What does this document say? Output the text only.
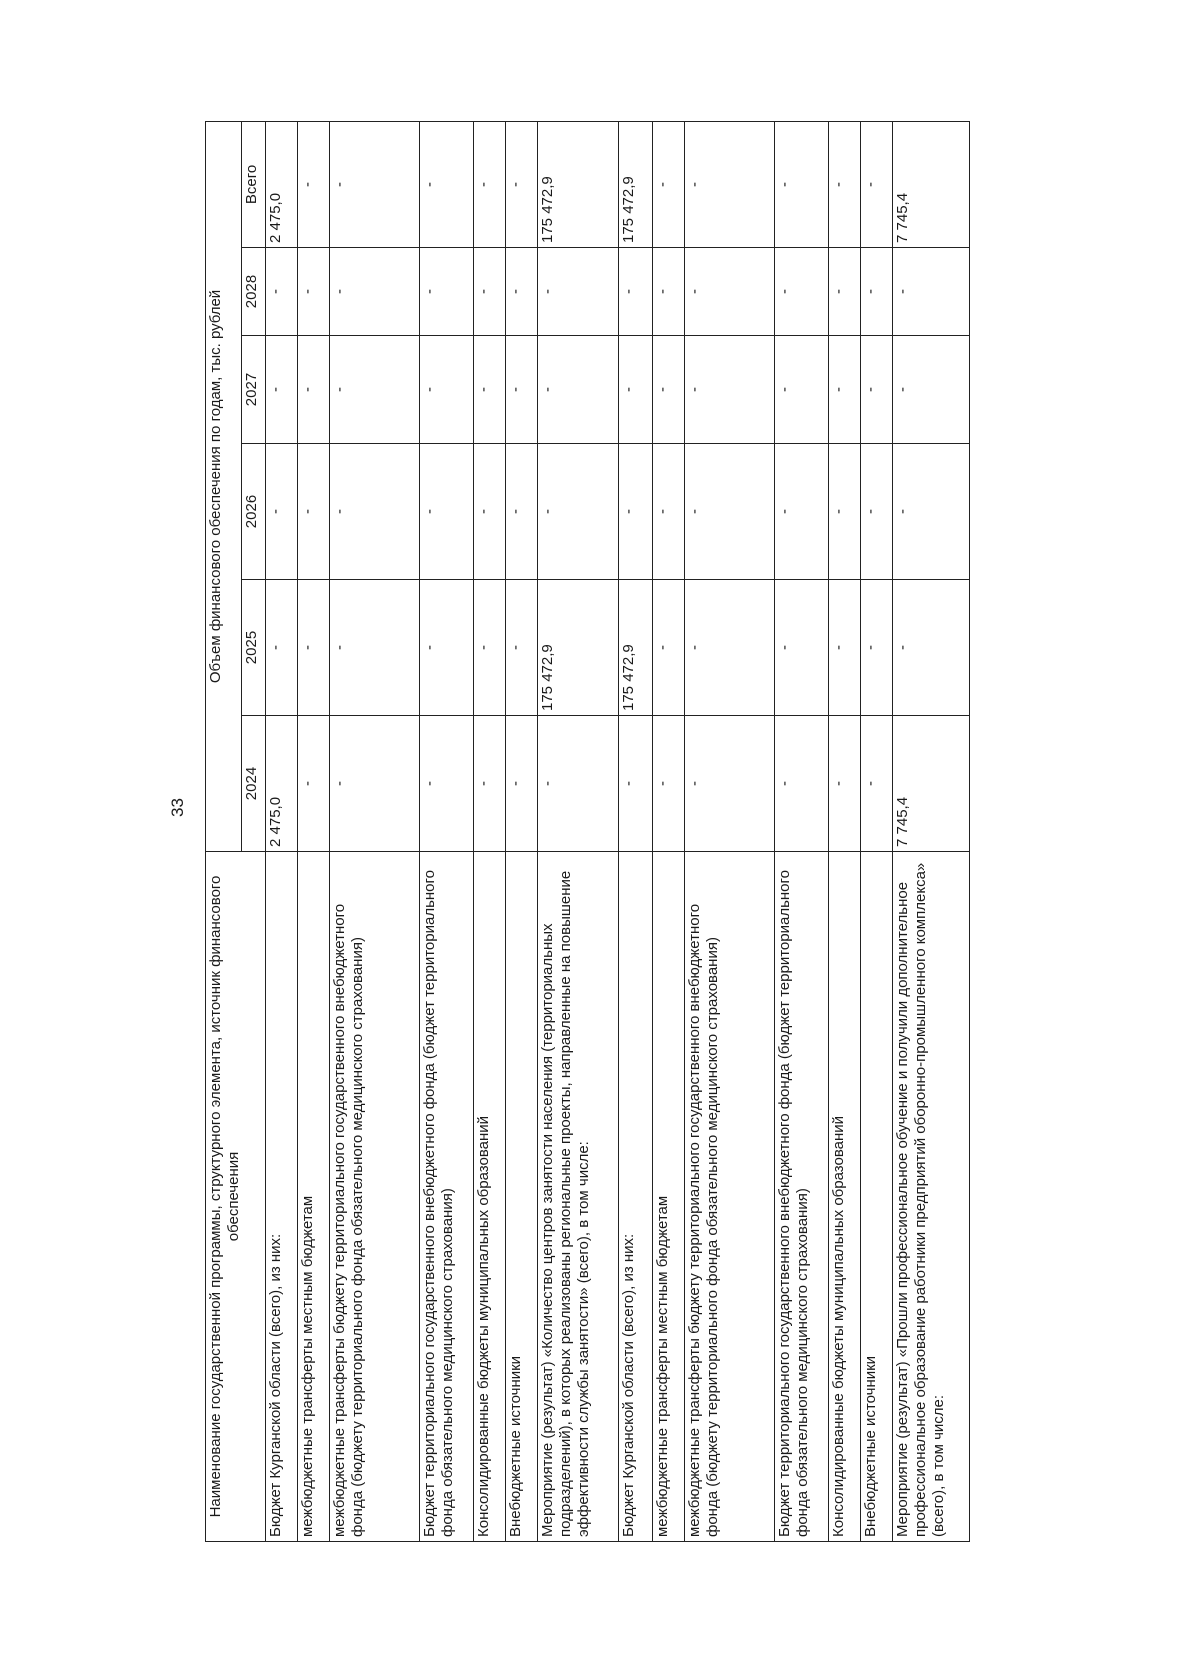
33
Наименование государственной программы, структурного элемента, источник финансового обеспечения	Объем финансового обеспечения по годам, тыс. рублей					
	2024	2025	2026	2027	2028	Всего
Бюджет Курганской области (всего), из них:	2 475,0	-	-	-	-	2 475,0
межбюджетные трансферты местным бюджетам	-	-	-	-	-	-
межбюджетные трансферты бюджету территориального государственного внебюджетного фонда (бюджету территориального фонда обязательного медицинского страхования)	-	-	-	-	-	-
Бюджет территориального государственного внебюджетного фонда (бюджет территориального фонда обязательного медицинского страхования)	-	-	-	-	-	-
Консолидированные бюджеты муниципальных образований	-	-	-	-	-	-
Внебюджетные источники	-	-	-	-	-	-
Мероприятие (результат) «Количество центров занятости населения (территориальных подразделений), в которых реализованы региональные проекты, направленные на повышение эффективности службы занятости» (всего), в том числе:	-	175 472,9	-	-	-	175 472,9
Бюджет Курганской области (всего), из них:	-	175 472,9	-	-	-	175 472,9
межбюджетные трансферты местным бюджетам	-	-	-	-	-	-
межбюджетные трансферты бюджету территориального государственного внебюджетного фонда (бюджету территориального фонда обязательного медицинского страхования)	-	-	-	-	-	-
Бюджет территориального государственного внебюджетного фонда (бюджет территориального фонда обязательного медицинского страхования)	-	-	-	-	-	-
Консолидированные бюджеты муниципальных образований	-	-	-	-	-	-
Внебюджетные источники	-	-	-	-	-	-
Мероприятие (результат) «Прошли профессиональное обучение и получили дополнительное профессиональное образование работники предприятий оборонно-промышленного комплекса» (всего), в том числе:	7 745,4	-	-	-	-	7 745,4
